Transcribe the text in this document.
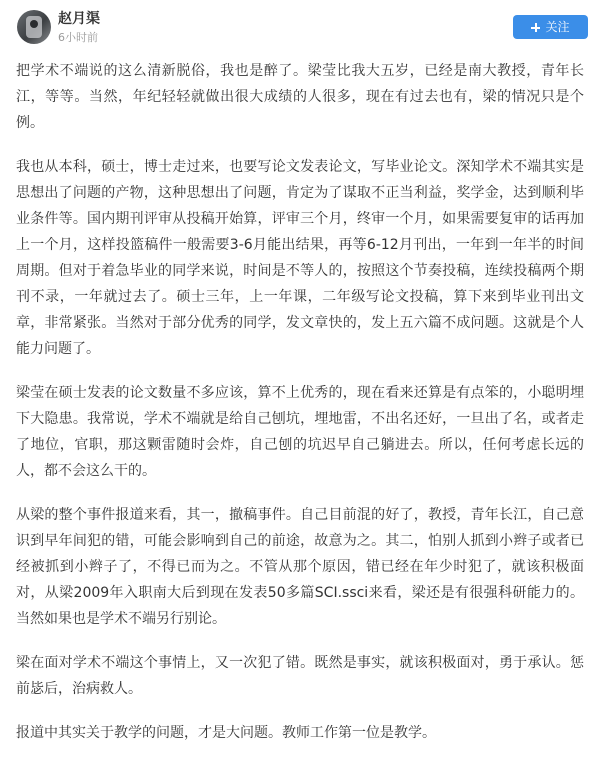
赵月渠
6小时前
关注

把学术不端说的这么清新脱俗，我也是醉了。梁莹比我大五岁，已经是南大教授，青年长江，等等。当然，年纪轻轻就做出很大成绩的人很多，现在有过去也有，梁的情况只是个例。

我也从本科，硕士，博士走过来，也要写论文发表论文，写毕业论文。深知学术不端其实是思想出了问题的产物，这种思想出了问题，肯定为了谋取不正当利益，奖学金，达到顺利毕业条件等。国内期刊评审从投稿开始算，评审三个月，终审一个月，如果需要复审的话再加上一个月，这样投篮稿件一般需要3-6月能出结果，再等6-12月刊出，一年到一年半的时间周期。但对于着急毕业的同学来说，时间是不等人的，按照这个节奏投稿，连续投稿两个期刊不录，一年就过去了。硕士三年，上一年课，二年级写论文投稿，算下来到毕业刊出文章，非常紧张。当然对于部分优秀的同学，发文章快的，发上五六篇不成问题。这就是个人能力问题了。

梁莹在硕士发表的论文数量不多应该，算不上优秀的，现在看来还算是有点笨的，小聪明埋下大隐患。我常说，学术不端就是给自己刨坑，埋地雷，不出名还好，一旦出了名，或者走了地位，官职，那这颗雷随时会炸，自己刨的坑迟早自己躺进去。所以，任何考虑长远的人，都不会这么干的。

从梁的整个事件报道来看，其一，撤稿事件。自己目前混的好了，教授，青年长江，自己意识到早年间犯的错，可能会影响到自己的前途，故意为之。其二，怕别人抓到小辫子或者已经被抓到小辫子了，不得已而为之。不管从那个原因，错已经在年少时犯了，就该积极面对，从梁2009年入职南大后到现在发表50多篇SCI.ssci来看，梁还是有很强科研能力的。当然如果也是学术不端另行别论。

梁在面对学术不端这个事情上，又一次犯了错。既然是事实，就该积极面对，勇于承认。惩前毖后，治病救人。

报道中其实关于教学的问题，才是大问题。教师工作第一位是教学。
